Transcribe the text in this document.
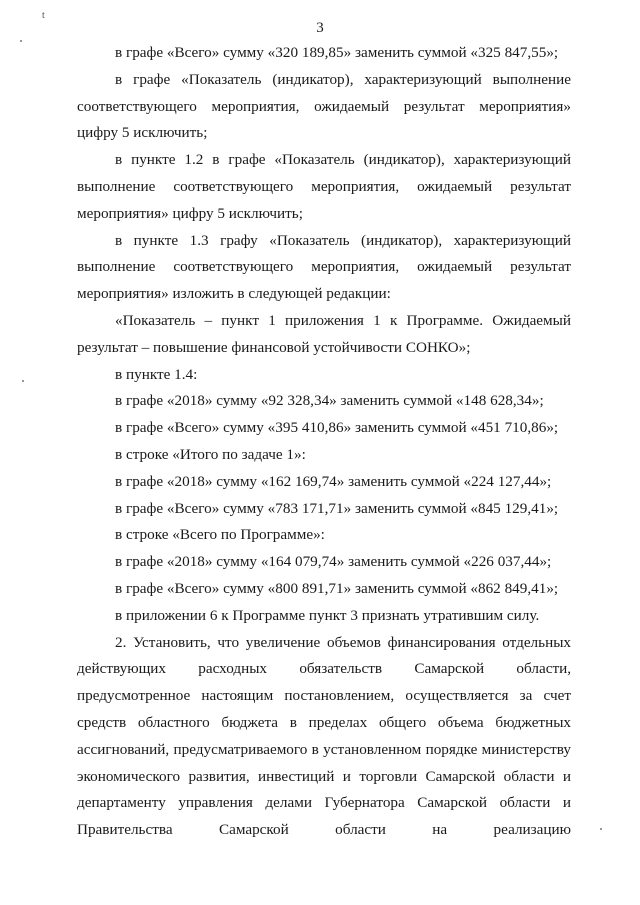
t
3

в графе «Всего» сумму «320 189,85» заменить суммой «325 847,55»;

в графе «Показатель (индикатор), характеризующий выполнение соответствующего мероприятия, ожидаемый результат мероприятия» цифру 5 исключить;

в пункте 1.2 в графе «Показатель (индикатор), характеризующий выполнение соответствующего мероприятия, ожидаемый результат мероприятия» цифру 5 исключить;

в пункте 1.3 графу «Показатель (индикатор), характеризующий выполнение соответствующего мероприятия, ожидаемый результат мероприятия» изложить в следующей редакции:

«Показатель – пункт 1 приложения 1 к Программе. Ожидаемый результат – повышение финансовой устойчивости СОНКО»;

в пункте 1.4:

в графе «2018» сумму «92 328,34» заменить суммой «148 628,34»;

в графе «Всего» сумму «395 410,86» заменить суммой «451 710,86»;

в строке «Итого по задаче 1»:

в графе «2018» сумму «162 169,74» заменить суммой «224 127,44»;

в графе «Всего» сумму «783 171,71» заменить суммой «845 129,41»;

в строке «Всего по Программе»:

в графе «2018» сумму «164 079,74» заменить суммой «226 037,44»;

в графе «Всего» сумму «800 891,71» заменить суммой «862 849,41»;

в приложении 6 к Программе пункт 3 признать утратившим силу.

2. Установить, что увеличение объемов финансирования отдельных действующих расходных обязательств Самарской области, предусмотренное настоящим постановлением, осуществляется за счет средств областного бюджета в пределах общего объема бюджетных ассигнований, предусматриваемого в установленном порядке министерству экономического развития, инвестиций и торговли Самарской области и департаменту управления делами Губернатора Самарской области и Правительства Самарской области на реализацию
